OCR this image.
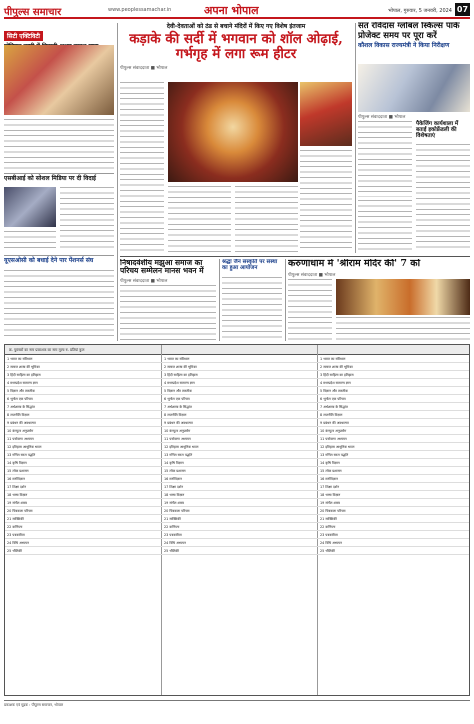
पीपुल्स समाचार	www.peoplessamachar.in	अपना भोपाल	भोपाल, गुरुवार, 5 जनवरी, 2024 07
सिटी एक्टिविटी
एसबीआई को सोशल मिडिया पर दी विदाई
यूएसओसी को बधाई देने पार पेंशनर्स संघ
देवी-देवताओं को ठंड से बचाने मंदिरों में किए गए विशेष इंतजाम
कड़ाके की सर्दी में भगवान को शॉल ओढ़ाई, गर्भगृह में लगा रूम हीटर
पीपुल्स संवाददाता ■ भोपाल
संत रविदास ग्लोबल स्किल्स पार्क प्रोजेक्ट समय पर पूरा करें
कौशल विकास राज्यमंत्री ने किया निरीक्षण
पीपुल्स संवाददाता ■ भोपाल
पैकेजिंग कार्यशाला में बताई इकोफ्रेंडली की विशेषताएं
निषादवंशीय मझुआ समाज का परिचय सम्मेलन मानस भवन में
पीपुल्स संवाददाता ■ भोपाल
श्रद्धा जैन संस्कृति पर संस्था का हुआ आयोजन	करुणाधाम में 'श्रीराम मंदिर की' 7 को
पीपुल्स संवाददाता ■ भोपाल
क्र. पुस्तकों का नाम प्रकाशक का नाम मूल्य रु. प्रतियां कुल
1 भारत का संविधान
2 समाज शास्त्र की भूमिका
3 हिंदी साहित्य का इतिहास
4 मध्यप्रदेश सामान्य ज्ञान
5 विज्ञान और तकनीक
6 भूगोल एक परिचय
7 अर्थशास्त्र के सिद्धांत
8 राजनीति विज्ञान
9 प्रबंधन की अवधारणा
10 कंप्यूटर अनुप्रयोग
11 पर्यावरण अध्ययन
12 इतिहास आधुनिक भारत
13 गणित सरल पद्धति
14 कृषि विज्ञान
15 लोक प्रशासन
16 मनोविज्ञान
17 शिक्षा दर्शन
18 भाषा विज्ञान
19 संगीत शास्त्र
20 चित्रकला परिचय
21 सांख्यिकी
22 वाणिज्य
23 पत्रकारिता
24 विधि अध्ययन
25 भौतिकी
1 भारत का संविधान
2 समाज शास्त्र की भूमिका
3 हिंदी साहित्य का इतिहास
4 मध्यप्रदेश सामान्य ज्ञान
5 विज्ञान और तकनीक
6 भूगोल एक परिचय
7 अर्थशास्त्र के सिद्धांत
8 राजनीति विज्ञान
9 प्रबंधन की अवधारणा
10 कंप्यूटर अनुप्रयोग
11 पर्यावरण अध्ययन
12 इतिहास आधुनिक भारत
13 गणित सरल पद्धति
14 कृषि विज्ञान
15 लोक प्रशासन
16 मनोविज्ञान
17 शिक्षा दर्शन
18 भाषा विज्ञान
19 संगीत शास्त्र
20 चित्रकला परिचय
21 सांख्यिकी
22 वाणिज्य
23 पत्रकारिता
24 विधि अध्ययन
25 भौतिकी
1 भारत का संविधान
2 समाज शास्त्र की भूमिका
3 हिंदी साहित्य का इतिहास
4 मध्यप्रदेश सामान्य ज्ञान
5 विज्ञान और तकनीक
6 भूगोल एक परिचय
7 अर्थशास्त्र के सिद्धांत
8 राजनीति विज्ञान
9 प्रबंधन की अवधारणा
10 कंप्यूटर अनुप्रयोग
11 पर्यावरण अध्ययन
12 इतिहास आधुनिक भारत
13 गणित सरल पद्धति
14 कृषि विज्ञान
15 लोक प्रशासन
16 मनोविज्ञान
17 शिक्षा दर्शन
18 भाषा विज्ञान
19 संगीत शास्त्र
20 चित्रकला परिचय
21 सांख्यिकी
22 वाणिज्य
23 पत्रकारिता
24 विधि अध्ययन
25 भौतिकी
प्रकाशक एवं मुद्रक : पीपुल्स समाचार, भोपाल
